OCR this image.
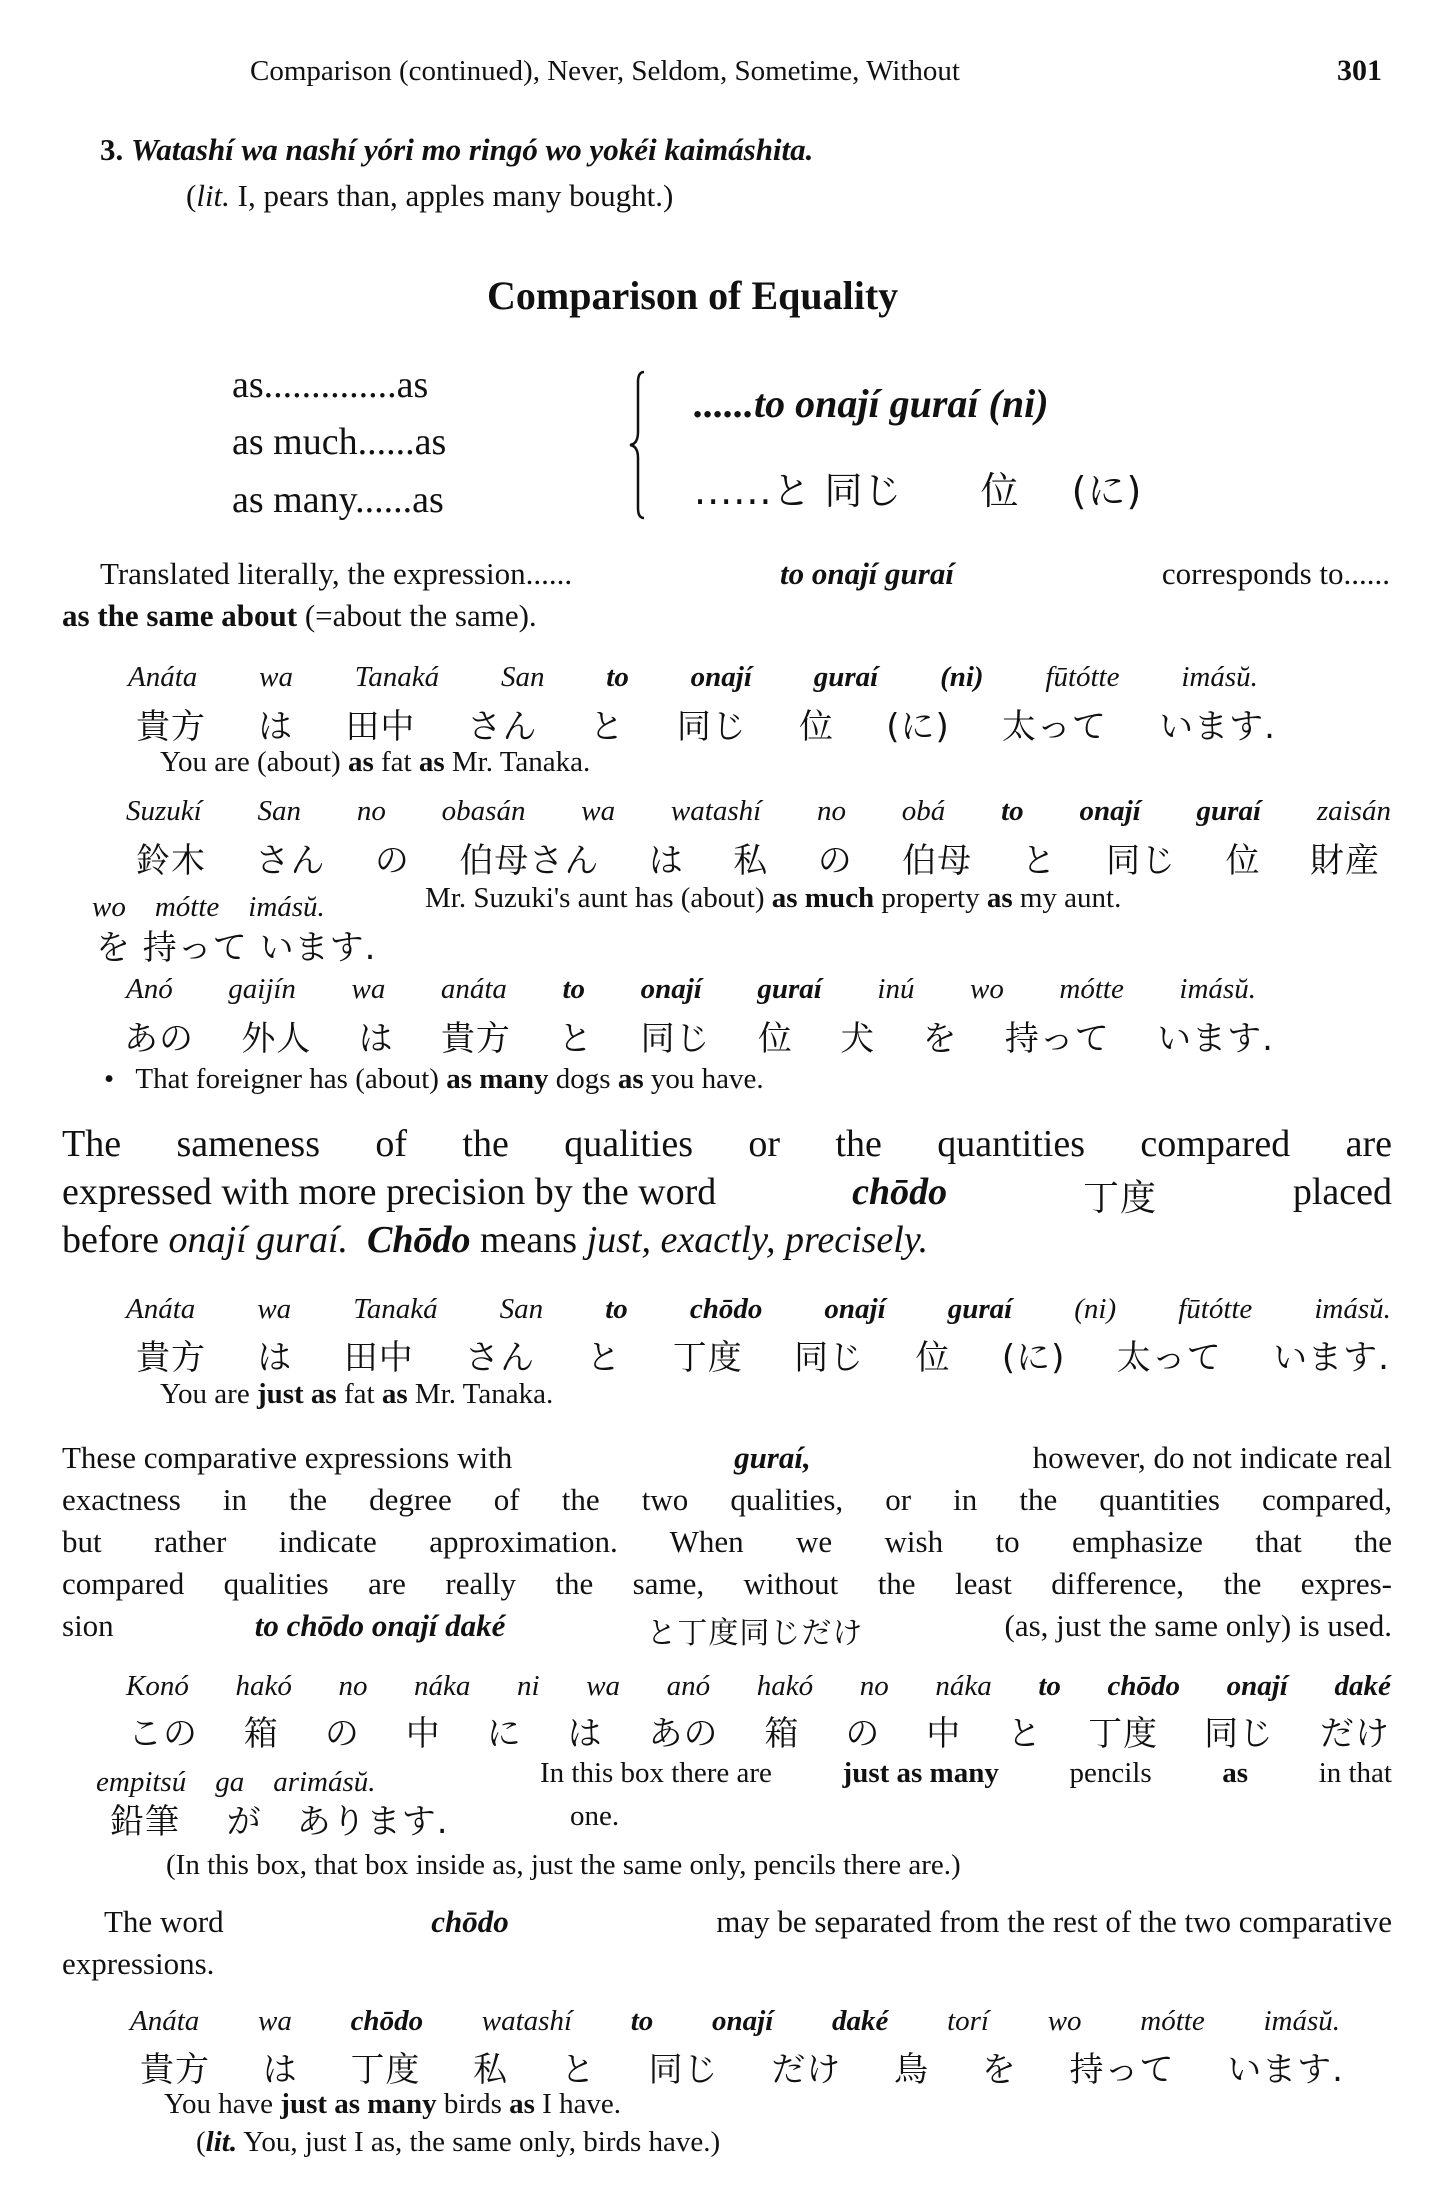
Comparison (continued), Never, Seldom, Sometime, Without	301
3. Watashí wa nashí yóri mo ringó wo yokéi kaimáshita.
(lit. I, pears than, apples many bought.)
Comparison of Equality
as..............as
as much......as
as many......as
......to onají guraí (ni)
......と 同じ　　位　 (に)
Translated literally, the expression......	to onají guraí	corresponds to......
as the same about (=about the same).
Anáta wa Tanaká San to onají guraí (ni) fūtótte imásŭ.
貴方 は 田中 さん と 同じ 位 (に) 太って います.
You are (about) as fat as Mr. Tanaka.
Suzukí San no obasán wa watashí no obá to onají guraí zaisán
鈴木 さん の 伯母さん は 私 の 伯母 と 同じ 位 財産
wo　mótte　imásŭ.	Mr. Suzuki's aunt has (about) as much property as my aunt.
を 持って います.
Anó gaijín wa anáta to onají guraí inú wo mótte imásŭ.
あの 外人 は 貴方 と 同じ 位 犬 を 持って います.
• That foreigner has (about) as many dogs as you have.
The sameness of the qualities or the quantities compared are
expressed with more precision by the word	chōdo	丁度	placed
before onají guraí. Chōdo means just, exactly, precisely.
Anáta wa Tanaká San to chōdo onají guraí (ni) fūtótte imásŭ.
貴方 は 田中 さん と 丁度 同じ 位 (に) 太って います.
You are just as fat as Mr. Tanaka.
These comparative expressions with	guraí,	however, do not indicate real
exactness in the degree of the two qualities, or in the quantities compared,
but rather indicate approximation. When we wish to emphasize that the
compared qualities are really the same, without the least difference, the expres-
sion	to chōdo onají daké	と丁度同じだけ	(as, just the same only) is used.
Konó hakó no náka ni wa anó hakó no náka to chōdo onají daké
この 箱 の 中 に は あの 箱 の 中 と 丁度 同じ だけ
empitsú　ga　arimásŭ.	In this box there are just as many pencils as in that
鉛筆　 が　あります.	one.
(In this box, that box inside as, just the same only, pencils there are.)
The word	chōdo	may be separated from the rest of the two comparative
expressions.
Anáta wa chōdo watashí to onají daké torí wo mótte imásŭ.
貴方 は 丁度 私 と 同じ だけ 鳥 を 持って います.
You have just as many birds as I have.
(lit. You, just I as, the same only, birds have.)
